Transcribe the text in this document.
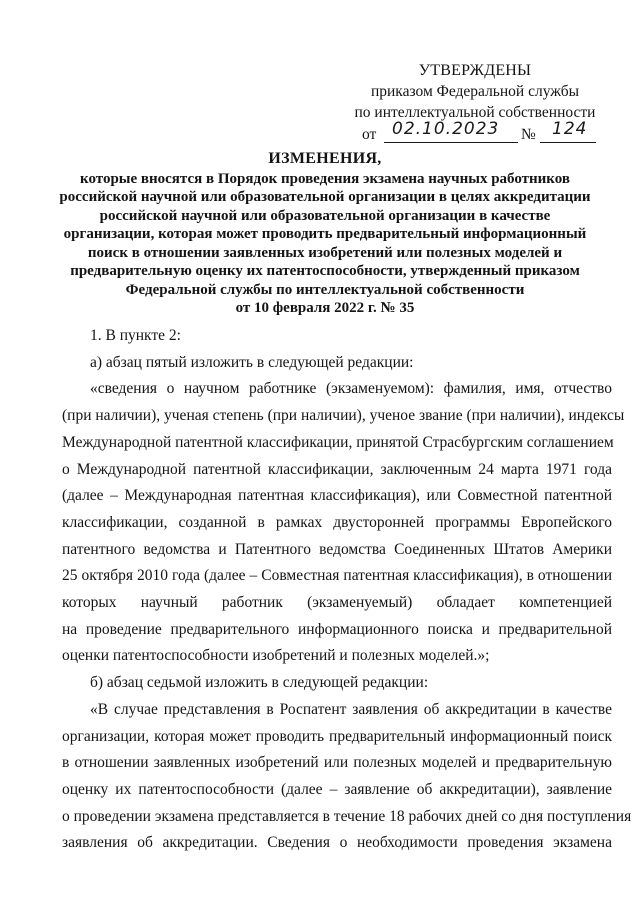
УТВЕРЖДЕНЫ
приказом Федеральной службы
по интеллектуальной собственности
от 02.10.2023 № 124
ИЗМЕНЕНИЯ,
которые вносятся в Порядок проведения экзамена научных работников
российской научной или образовательной организации в целях аккредитации
российской научной или образовательной организации в качестве
организации, которая может проводить предварительный информационный
поиск в отношении заявленных изобретений или полезных моделей и
предварительную оценку их патентоспособности, утвержденный приказом
Федеральной службы по интеллектуальной собственности
от 10 февраля 2022 г. № 35

1. В пункте 2:

а) абзац пятый изложить в следующей редакции:

«сведения о научном работнике (экзаменуемом): фамилия, имя, отчество
(при наличии), ученая степень (при наличии), ученое звание (при наличии), индексы
Международной патентной классификации, принятой Страсбургским соглашением
о Международной патентной классификации, заключенным 24 марта 1971 года
(далее – Международная патентная классификация), или Совместной патентной
классификации, созданной в рамках двусторонней программы Европейского
патентного ведомства и Патентного ведомства Соединенных Штатов Америки
25 октября 2010 года (далее – Совместная патентная классификация), в отношении
которых научный работник (экзаменуемый) обладает компетенцией
на проведение предварительного информационного поиска и предварительной
оценки патентоспособности изобретений и полезных моделей.»;

б) абзац седьмой изложить в следующей редакции:

«В случае представления в Роспатент заявления об аккредитации в качестве
организации, которая может проводить предварительный информационный поиск
в отношении заявленных изобретений или полезных моделей и предварительную
оценку их патентоспособности (далее – заявление об аккредитации), заявление
о проведении экзамена представляется в течение 18 рабочих дней со дня поступления
заявления об аккредитации. Сведения о необходимости проведения экзамена
